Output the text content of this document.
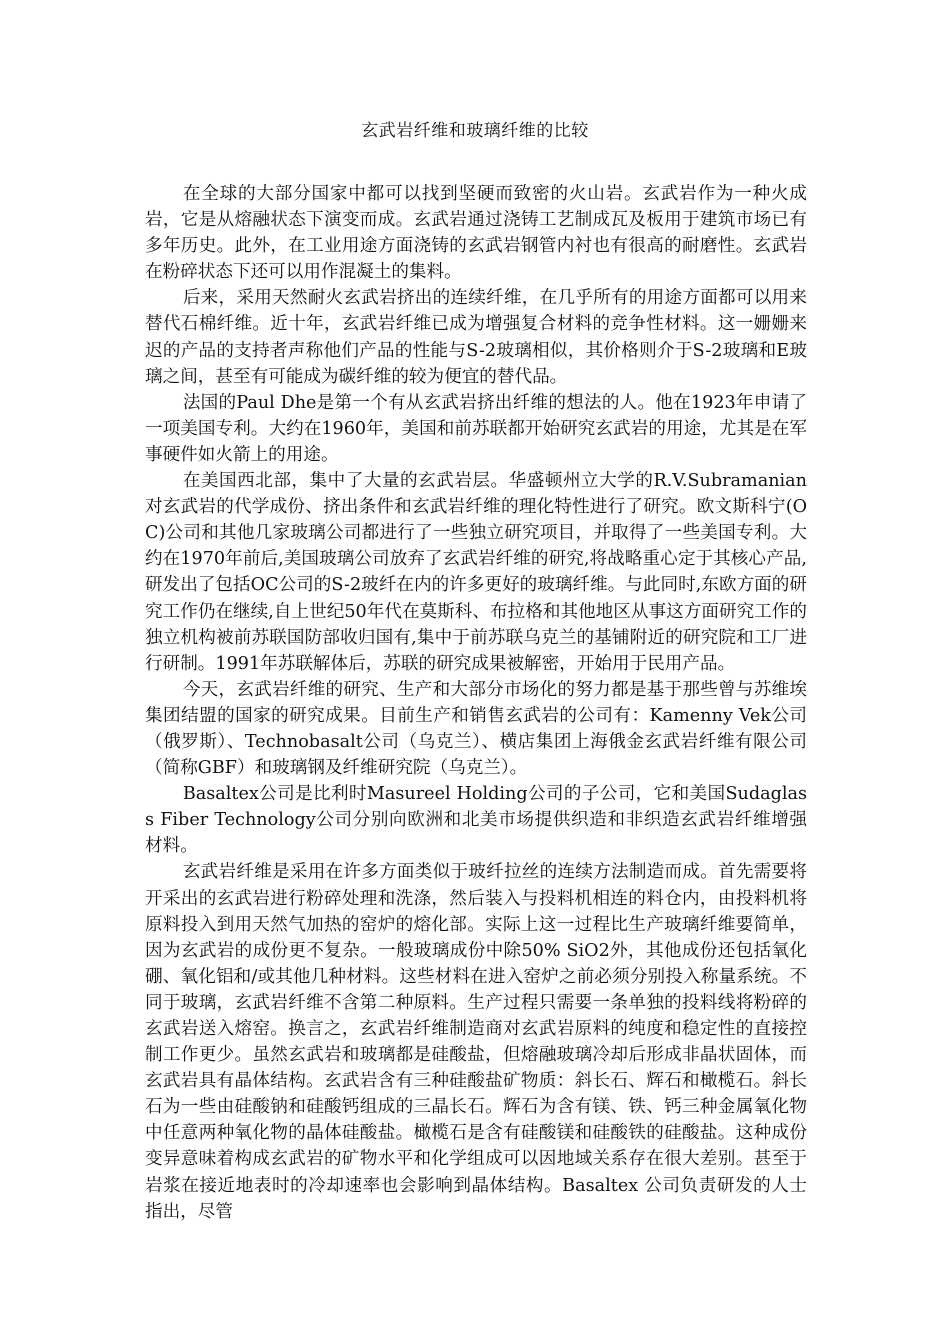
玄武岩纤维和玻璃纤维的比较

在全球的大部分国家中都可以找到坚硬而致密的火山岩。玄武岩作为一种火成岩，它是从熔融状态下演变而成。玄武岩通过浇铸工艺制成瓦及板用于建筑市场已有多年历史。此外，在工业用途方面浇铸的玄武岩钢管内衬也有很高的耐磨性。玄武岩在粉碎状态下还可以用作混凝土的集料。

后来，采用天然耐火玄武岩挤出的连续纤维，在几乎所有的用途方面都可以用来替代石棉纤维。近十年，玄武岩纤维已成为增强复合材料的竞争性材料。这一姗姗来迟的产品的支持者声称他们产品的性能与S-2玻璃相似，其价格则介于S-2玻璃和E玻璃之间，甚至有可能成为碳纤维的较为便宜的替代品。

法国的Paul Dhe是第一个有从玄武岩挤出纤维的想法的人。他在1923年申请了一项美国专利。大约在1960年，美国和前苏联都开始研究玄武岩的用途，尤其是在军事硬件如火箭上的用途。

在美国西北部，集中了大量的玄武岩层。华盛顿州立大学的R.V.Subramanian对玄武岩的代学成份、挤出条件和玄武岩纤维的理化特性进行了研究。欧文斯科宁(OC)公司和其他几家玻璃公司都进行了一些独立研究项目，并取得了一些美国专利。大约在1970年前后,美国玻璃公司放弃了玄武岩纤维的研究,将战略重心定于其核心产品,研发出了包括OC公司的S-2玻纤在内的许多更好的玻璃纤维。与此同时,东欧方面的研究工作仍在继续,自上世纪50年代在莫斯科、布拉格和其他地区从事这方面研究工作的独立机构被前苏联国防部收归国有,集中于前苏联乌克兰的基铺附近的研究院和工厂进行研制。1991年苏联解体后，苏联的研究成果被解密，开始用于民用产品。

今天，玄武岩纤维的研究、生产和大部分市场化的努力都是基于那些曾与苏维埃集团结盟的国家的研究成果。目前生产和销售玄武岩的公司有：Kamenny Vek公司（俄罗斯）、Technobasalt公司（乌克兰）、横店集团上海俄金玄武岩纤维有限公司（简称GBF）和玻璃钢及纤维研究院（乌克兰）。

Basaltex公司是比利时Masureel Holding公司的子公司，它和美国Sudaglass Fiber Technology公司分别向欧洲和北美市场提供织造和非织造玄武岩纤维增强材料。

玄武岩纤维是采用在许多方面类似于玻纤拉丝的连续方法制造而成。首先需要将开采出的玄武岩进行粉碎处理和洗涤，然后装入与投料机相连的料仓内，由投料机将原料投入到用天然气加热的窑炉的熔化部。实际上这一过程比生产玻璃纤维要简单，因为玄武岩的成份更不复杂。一般玻璃成份中除50% SiO2外，其他成份还包括氧化硼、氧化铝和/或其他几种材料。这些材料在进入窑炉之前必须分别投入称量系统。不同于玻璃，玄武岩纤维不含第二种原料。生产过程只需要一条单独的投料线将粉碎的玄武岩送入熔窑。换言之，玄武岩纤维制造商对玄武岩原料的纯度和稳定性的直接控制工作更少。虽然玄武岩和玻璃都是硅酸盐，但熔融玻璃冷却后形成非晶状固体，而玄武岩具有晶体结构。玄武岩含有三种硅酸盐矿物质：斜长石、辉石和橄榄石。斜长石为一些由硅酸钠和硅酸钙组成的三晶长石。辉石为含有镁、铁、钙三种金属氧化物中任意两种氧化物的晶体硅酸盐。橄榄石是含有硅酸镁和硅酸铁的硅酸盐。这种成份变异意味着构成玄武岩的矿物水平和化学组成可以因地域关系存在很大差别。甚至于岩浆在接近地表时的冷却速率也会影响到晶体结构。Basaltex 公司负责研发的人士指出，尽管
